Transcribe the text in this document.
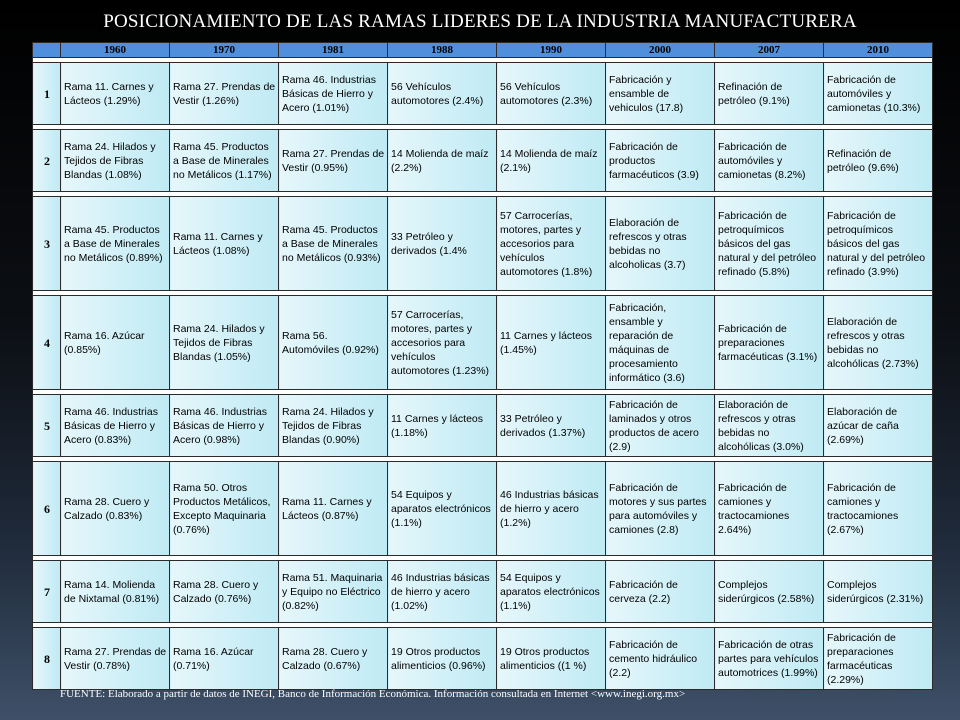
POSICIONAMIENTO DE LAS RAMAS LIDERES DE LA INDUSTRIA MANUFACTURERA
	1960	1970	1981	1988	1990	2000	2007	2010

1	Rama 11. Carnes y Lácteos (1.29%)	Rama 27. Prendas de Vestir (1.26%)	Rama 46. Industrias Básicas de Hierro y Acero (1.01%)	56 Vehículos automotores (2.4%)	56 Vehículos automotores (2.3%)	Fabricación y ensamble de vehiculos (17.8)	Refinación de petróleo (9.1%)	Fabricación de automóviles y camionetas (10.3%)

2	Rama 24. Hilados y Tejidos de Fibras Blandas (1.08%)	Rama 45. Productos a Base de Minerales no Metálicos (1.17%)	Rama 27. Prendas de Vestir (0.95%)	14 Molienda de maíz (2.2%)	14 Molienda de maíz (2.1%)	Fabricación de productos farmacéuticos (3.9)	Fabricación de automóviles y camionetas (8.2%)	Refinación de petróleo (9.6%)

3	Rama 45. Productos a Base de Minerales no Metálicos (0.89%)	Rama 11. Carnes y Lácteos (1.08%)	Rama 45. Productos a Base de Minerales no Metálicos (0.93%)	33 Petróleo y derivados (1.4%	57 Carrocerías, motores, partes y accesorios para vehículos automotores (1.8%)	Elaboración de refrescos y otras bebidas no alcoholicas (3.7)	Fabricación de petroquímicos básicos del gas natural y del petróleo refinado (5.8%)	Fabricación de petroquímicos básicos del gas natural y del petróleo refinado (3.9%)

4	Rama 16. Azúcar (0.85%)	Rama 24. Hilados y Tejidos de Fibras Blandas (1.05%)	Rama 56. Automóviles (0.92%)	57 Carrocerías, motores, partes y accesorios para vehículos automotores (1.23%)	11 Carnes y lácteos (1.45%)	Fabricación, ensamble y reparación de máquinas de procesamiento informático (3.6)	Fabricación de preparaciones farmacéuticas (3.1%)	Elaboración de refrescos y otras bebidas no alcohólicas (2.73%)

5	Rama 46. Industrias Básicas de Hierro y Acero (0.83%)	Rama 46. Industrias Básicas de Hierro y Acero (0.98%)	Rama 24. Hilados y Tejidos de Fibras Blandas (0.90%)	11 Carnes y lácteos (1.18%)	33 Petróleo y derivados (1.37%)	Fabricación de laminados y otros productos de acero (2.9)	Elaboración de refrescos y otras bebidas no alcohólicas (3.0%)	Elaboración de azúcar de caña (2.69%)

6	Rama 28. Cuero y Calzado (0.83%)	Rama 50. Otros Productos Metálicos, Excepto Maquinaria (0.76%)	Rama 11. Carnes y Lácteos (0.87%)	54 Equipos y aparatos electrónicos (1.1%)	46 Industrias básicas de hierro y acero (1.2%)	Fabricación de motores y sus partes para automóviles y camiones (2.8)	Fabricación de camiones y tractocamiones 2.64%)	Fabricación de camiones y tractocamiones (2.67%)

7	Rama 14. Molienda de Nixtamal (0.81%)	Rama 28. Cuero y Calzado (0.76%)	Rama 51. Maquinaria y Equipo no Eléctrico (0.82%)	46 Industrias básicas de hierro y acero (1.02%)	54 Equipos y aparatos electrónicos (1.1%)	Fabricación de cerveza (2.2)	Complejos siderúrgicos (2.58%)	Complejos siderúrgicos (2.31%)

8	Rama 27. Prendas de Vestir (0.78%)	Rama 16. Azúcar (0.71%)	Rama 28. Cuero y Calzado (0.67%)	19 Otros productos alimenticios (0.96%)	19 Otros productos alimenticios ((1 %)	Fabricación de cemento hidráulico (2.2)	Fabricación de otras partes para vehículos automotrices (1.99%)	Fabricación de preparaciones farmacéuticas (2.29%)
FUENTE: Elaborado a partir de datos de INEGI, Banco de Información Económica. Información consultada en Internet <www.inegi.org.mx>
